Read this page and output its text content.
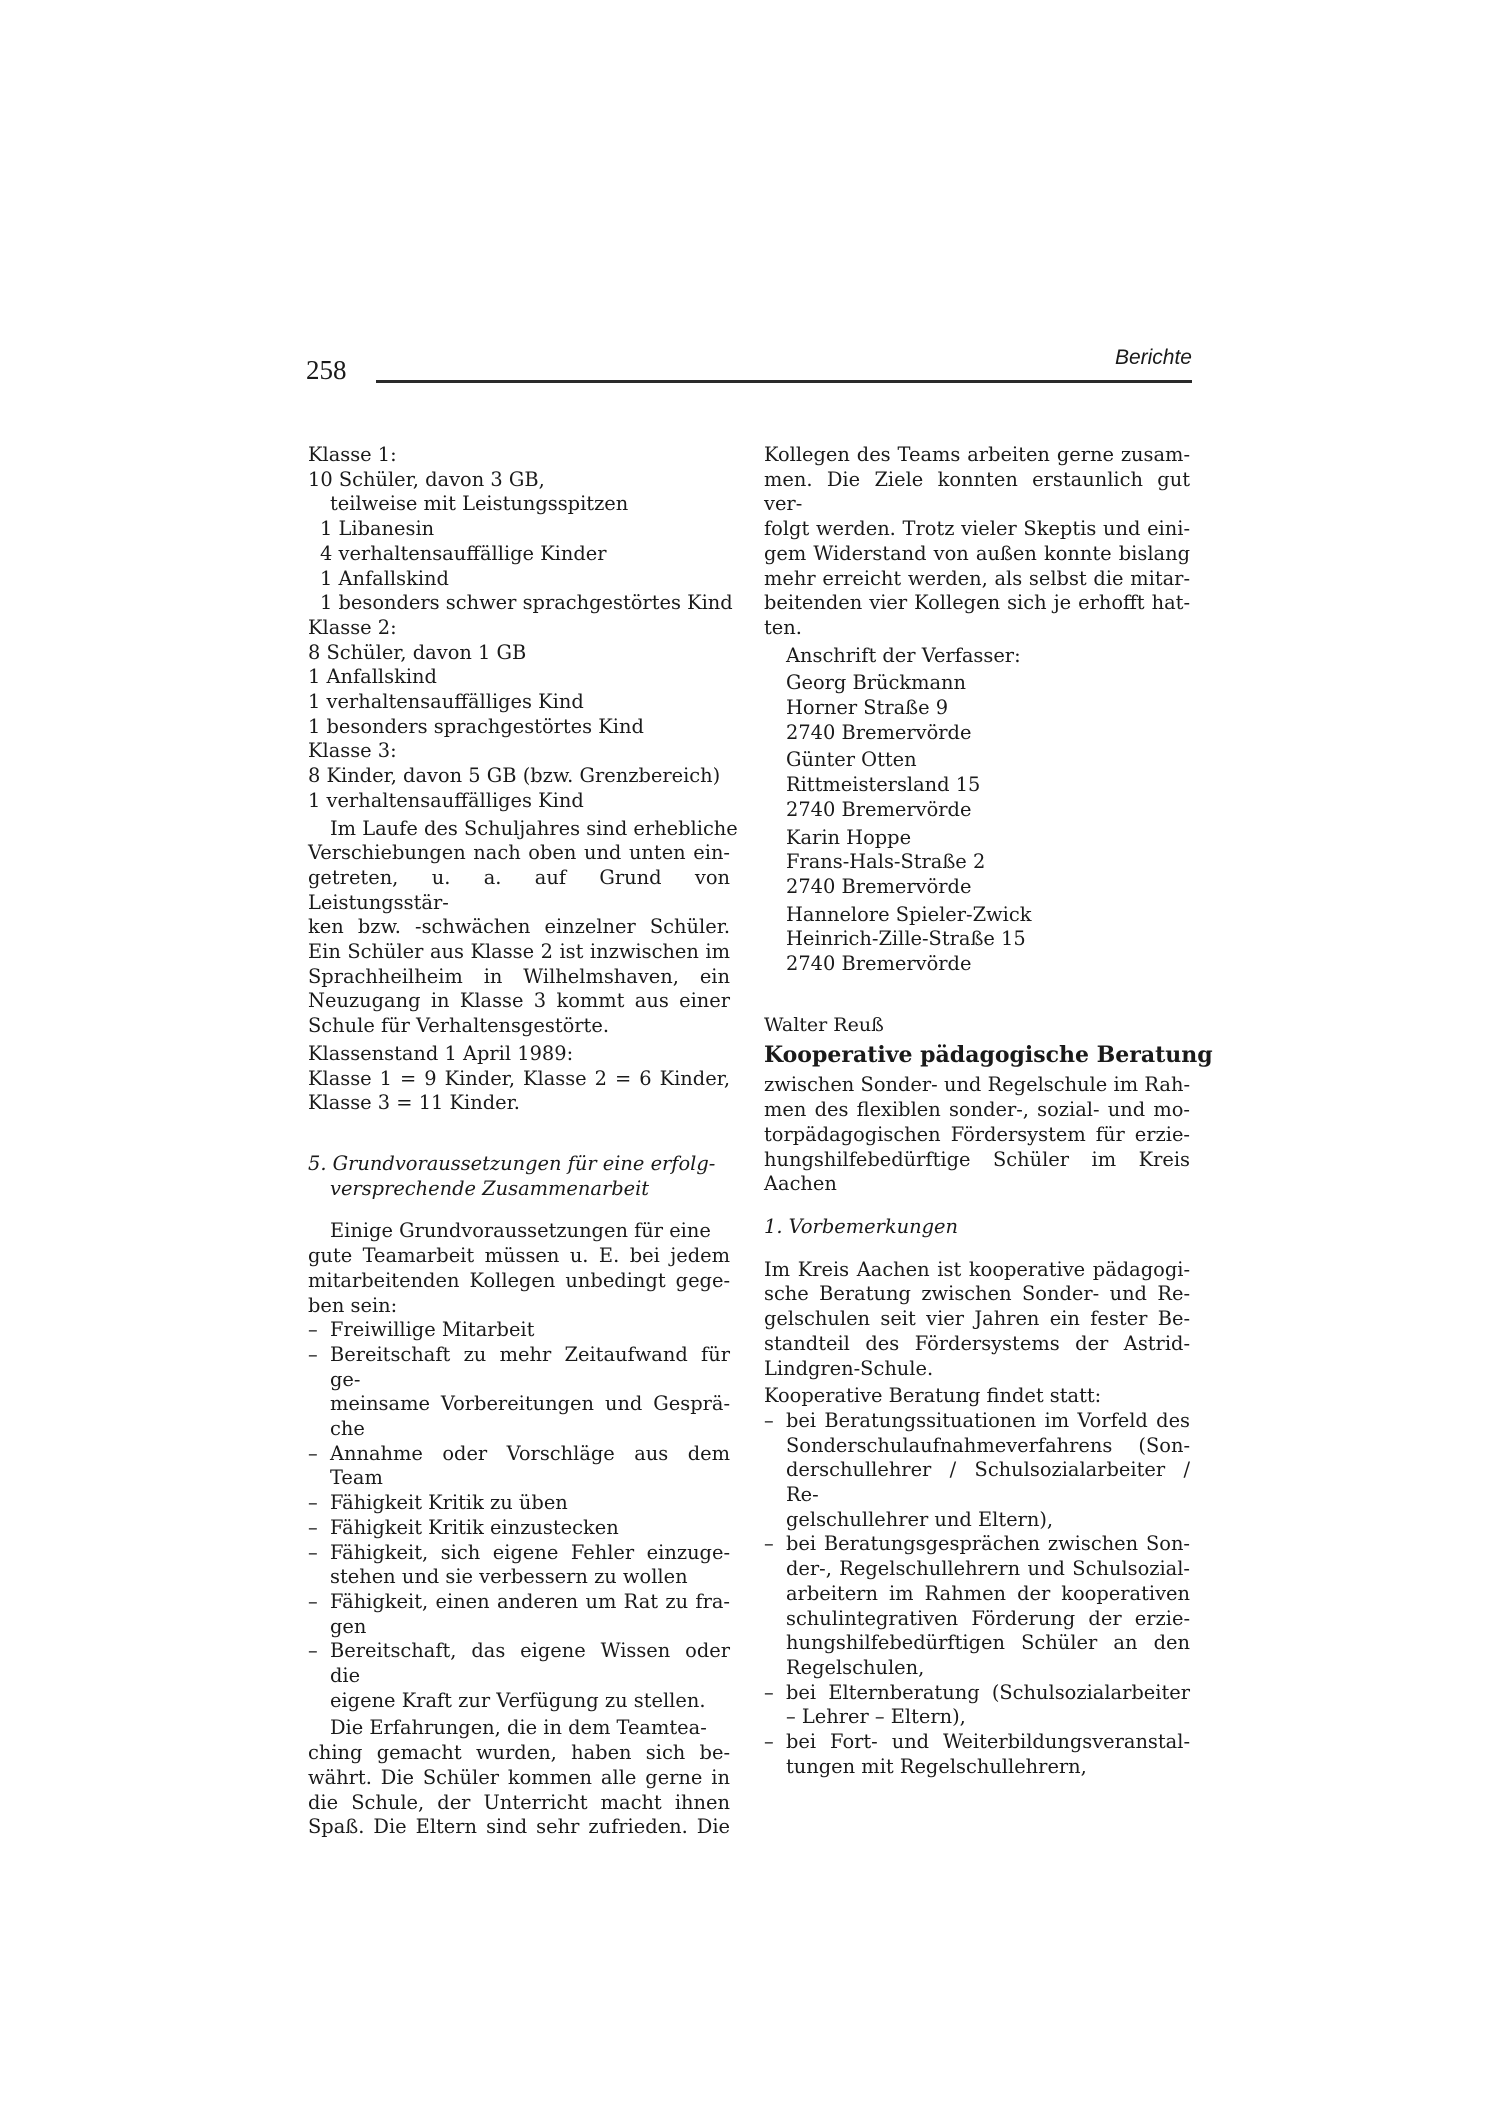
258	Berichte
Klasse 1:
10 Schüler, davon 3 GB,
teilweise mit Leistungsspitzen
1 Libanesin
4 verhaltensauffällige Kinder
1 Anfallskind
1 besonders schwer sprachgestörtes Kind
Klasse 2:
8 Schüler, davon 1 GB
1 Anfallskind
1 verhaltensauffälliges Kind
1 besonders sprachgestörtes Kind
Klasse 3:
8 Kinder, davon 5 GB (bzw. Grenzbereich)
1 verhaltensauffälliges Kind
Im Laufe des Schuljahres sind erhebliche
Verschiebungen nach oben und unten ein-
getreten, u. a. auf Grund von Leistungsstär-
ken bzw. -schwächen einzelner Schüler.
Ein Schüler aus Klasse 2 ist inzwischen im
Sprachheilheim in Wilhelmshaven, ein
Neuzugang in Klasse 3 kommt aus einer
Schule für Verhaltensgestörte.
Klassenstand 1 April 1989:
Klasse 1 = 9 Kinder, Klasse 2 = 6 Kinder,
Klasse 3 = 11 Kinder.
5. Grundvoraussetzungen für eine erfolg-
versprechende Zusammenarbeit
Einige Grundvoraussetzungen für eine
gute Teamarbeit müssen u. E. bei jedem
mitarbeitenden Kollegen unbedingt gege-
ben sein:
– Freiwillige Mitarbeit
– Bereitschaft zu mehr Zeitaufwand für ge-
meinsame Vorbereitungen und Gesprä-
che
– Annahme oder Vorschläge aus dem
Team
– Fähigkeit Kritik zu üben
– Fähigkeit Kritik einzustecken
– Fähigkeit, sich eigene Fehler einzuge-
stehen und sie verbessern zu wollen
– Fähigkeit, einen anderen um Rat zu fra-
gen
– Bereitschaft, das eigene Wissen oder die
eigene Kraft zur Verfügung zu stellen.
Die Erfahrungen, die in dem Teamtea-
ching gemacht wurden, haben sich be-
währt. Die Schüler kommen alle gerne in
die Schule, der Unterricht macht ihnen
Spaß. Die Eltern sind sehr zufrieden. Die
Kollegen des Teams arbeiten gerne zusam-
men. Die Ziele konnten erstaunlich gut ver-
folgt werden. Trotz vieler Skeptis und eini-
gem Widerstand von außen konnte bislang
mehr erreicht werden, als selbst die mitar-
beitenden vier Kollegen sich je erhofft hat-
ten.
Anschrift der Verfasser:
Georg Brückmann
Horner Straße 9
2740 Bremervörde
Günter Otten
Rittmeistersland 15
2740 Bremervörde
Karin Hoppe
Frans-Hals-Straße 2
2740 Bremervörde
Hannelore Spieler-Zwick
Heinrich-Zille-Straße 15
2740 Bremervörde
Walter Reuß
Kooperative pädagogische Beratung
zwischen Sonder- und Regelschule im Rah-
men des flexiblen sonder-, sozial- und mo-
torpädagogischen Fördersystem für erzie-
hungshilfebedürftige Schüler im Kreis
Aachen
1. Vorbemerkungen
Im Kreis Aachen ist kooperative pädagogi-
sche Beratung zwischen Sonder- und Re-
gelschulen seit vier Jahren ein fester Be-
standteil des Fördersystems der Astrid-
Lindgren-Schule.
Kooperative Beratung findet statt:
– bei Beratungssituationen im Vorfeld des
Sonderschulaufnahmeverfahrens (Son-
derschullehrer / Schulsozialarbeiter / Re-
gelschullehrer und Eltern),
– bei Beratungsgesprächen zwischen Son-
der-, Regelschullehrern und Schulsozial-
arbeitern im Rahmen der kooperativen
schulintegrativen Förderung der erzie-
hungshilfebedürftigen Schüler an den
Regelschulen,
– bei Elternberatung (Schulsozialarbeiter
– Lehrer – Eltern),
– bei Fort- und Weiterbildungsveranstal-
tungen mit Regelschullehrern,
